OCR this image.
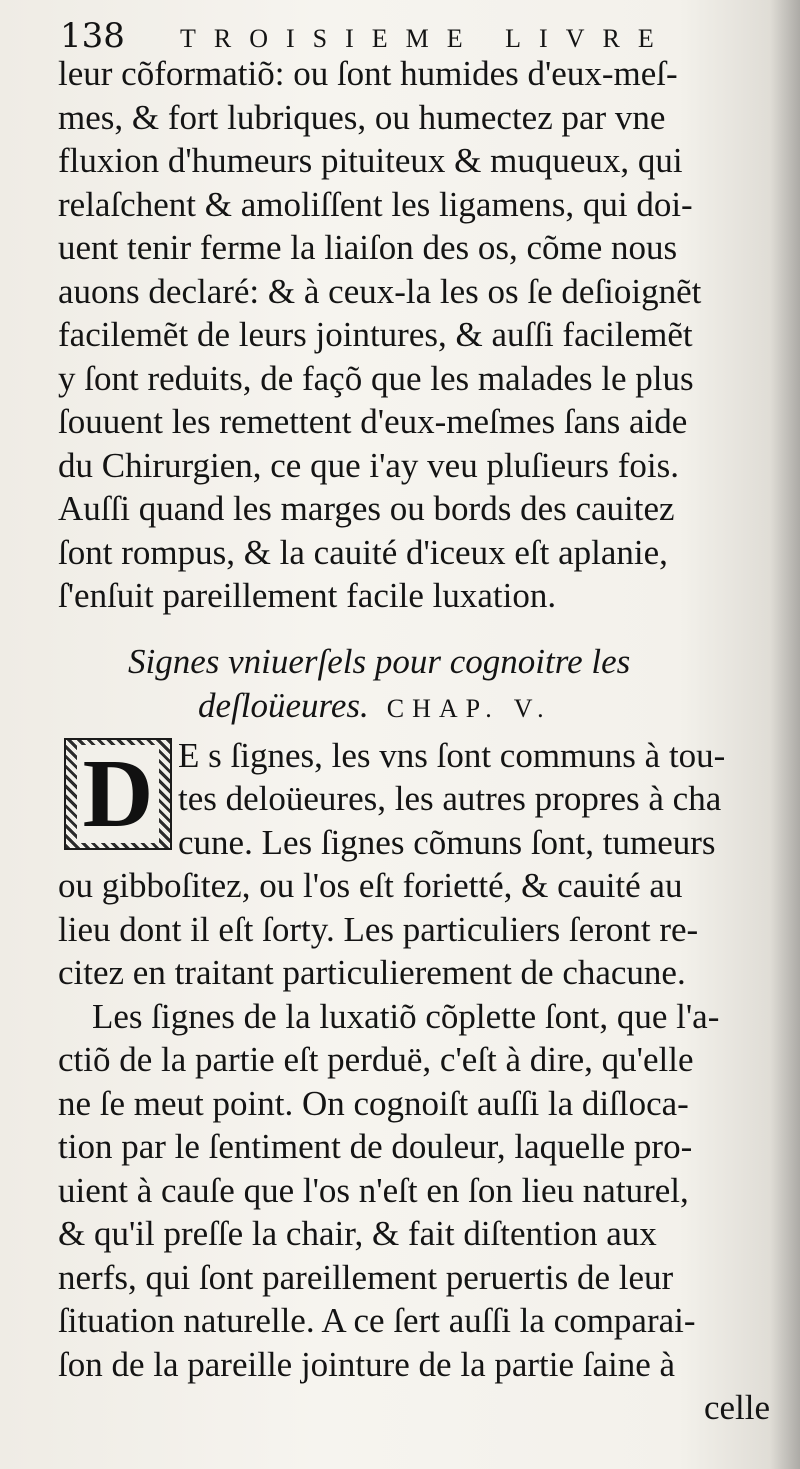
138	TROISIEME LIVRE
leur cõformatiõ: ou ſont humides d'eux-meſ-
mes, & fort lubriques, ou humectez par vne
fluxion d'humeurs pituiteux & muqueux, qui
relaſchent & amoliſſent les ligamens, qui doi-
uent tenir ferme la liaiſon des os, cõme nous
auons declaré: & à ceux-la les os ſe deſioignẽt
facilemẽt de leurs jointures, & auſſi facilemẽt
y ſont reduits, de façõ que les malades le plus
ſouuent les remettent d'eux-meſmes ſans aide
du Chirurgien, ce que i'ay veu pluſieurs fois.
Auſſi quand les marges ou bords des cauitez
ſont rompus, & la cauité d'iceux eſt aplanie,
ſ'enſuit pareillement facile luxation.
Signes vniuerſels pour cognoitre les
deſloüeures. CHAP. V.
D E s ſignes, les vns ſont communs à tou-
tes deloüeures, les autres propres à cha
cune. Les ſignes cõmuns ſont, tumeurs
ou gibboſitez, ou l'os eſt forietté, & cauité au
lieu dont il eſt ſorty. Les particuliers ſeront re-
citez en traitant particulierement de chacune.
Les ſignes de la luxatiõ cõplette ſont, que l'a-
ctiõ de la partie eſt perduë, c'eſt à dire, qu'elle
ne ſe meut point. On cognoiſt auſſi la diſloca-
tion par le ſentiment de douleur, laquelle pro-
uient à cauſe que l'os n'eſt en ſon lieu naturel,
& qu'il preſſe la chair, & fait diſtention aux
nerfs, qui ſont pareillement peruertis de leur
ſituation naturelle. A ce ſert auſſi la comparai-
ſon de la pareille jointure de la partie ſaine à
celle
